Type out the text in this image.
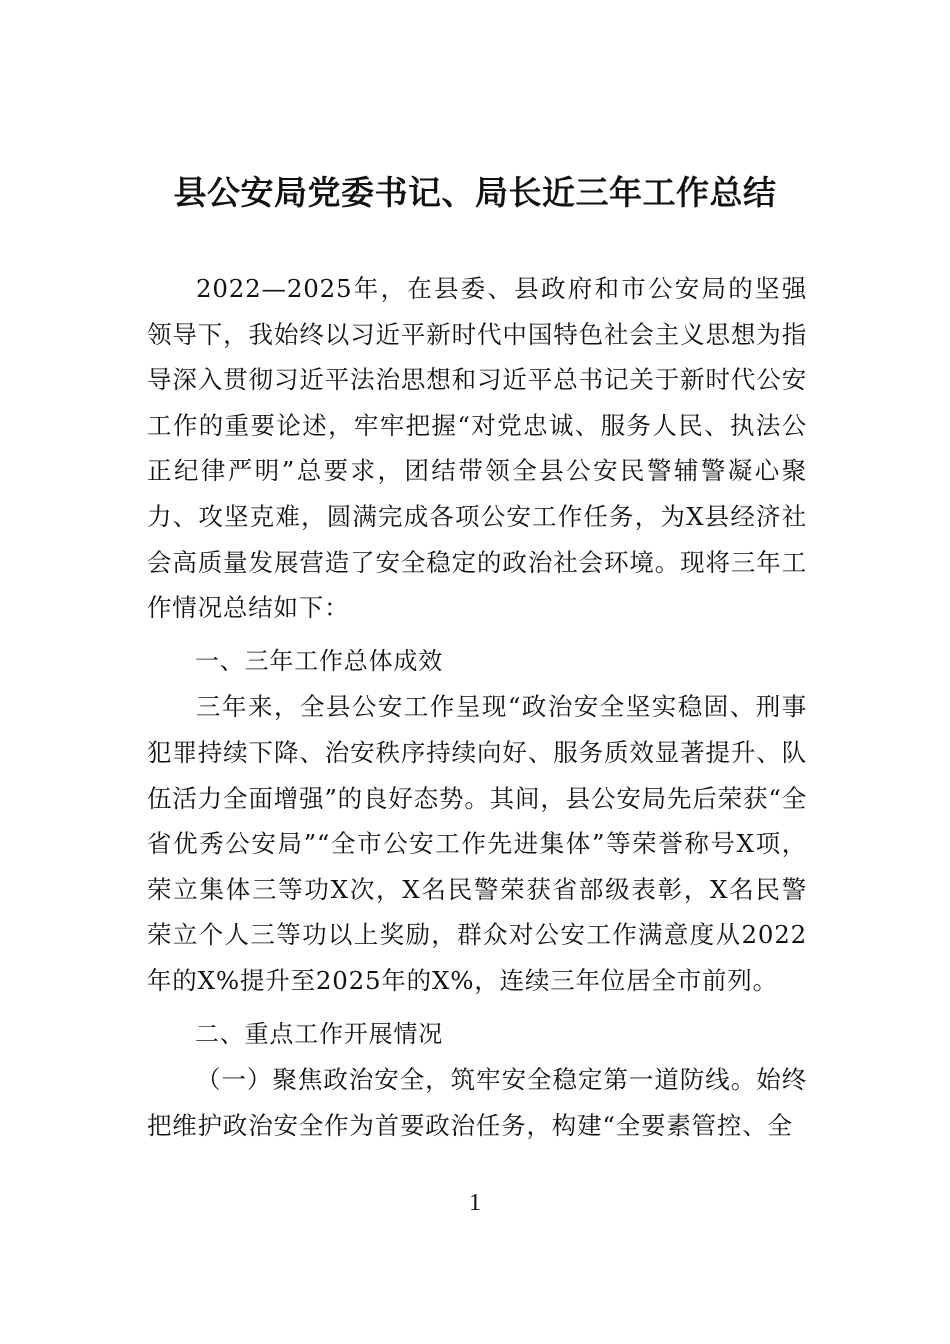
县公安局党委书记、局长近三年工作总结

2022—2025年，在县委、县政府和市公安局的坚强领导下，我始终以习近平新时代中国特色社会主义思想为指导深入贯彻习近平法治思想和习近平总书记关于新时代公安工作的重要论述，牢牢把握“对党忠诚、服务人民、执法公正纪律严明”总要求，团结带领全县公安民警辅警凝心聚力、攻坚克难，圆满完成各项公安工作任务，为X县经济社会高质量发展营造了安全稳定的政治社会环境。现将三年工作情况总结如下：

一、三年工作总体成效

三年来，全县公安工作呈现“政治安全坚实稳固、刑事犯罪持续下降、治安秩序持续向好、服务质效显著提升、队伍活力全面增强”的良好态势。其间，县公安局先后荣获“全省优秀公安局”“全市公安工作先进集体”等荣誉称号X项，荣立集体三等功X次，X名民警荣获省部级表彰，X名民警荣立个人三等功以上奖励，群众对公安工作满意度从2022年的X%提升至2025年的X%，连续三年位居全市前列。

二、重点工作开展情况

（一）聚焦政治安全，筑牢安全稳定第一道防线。始终把维护政治安全作为首要政治任务，构建“全要素管控、全

1
